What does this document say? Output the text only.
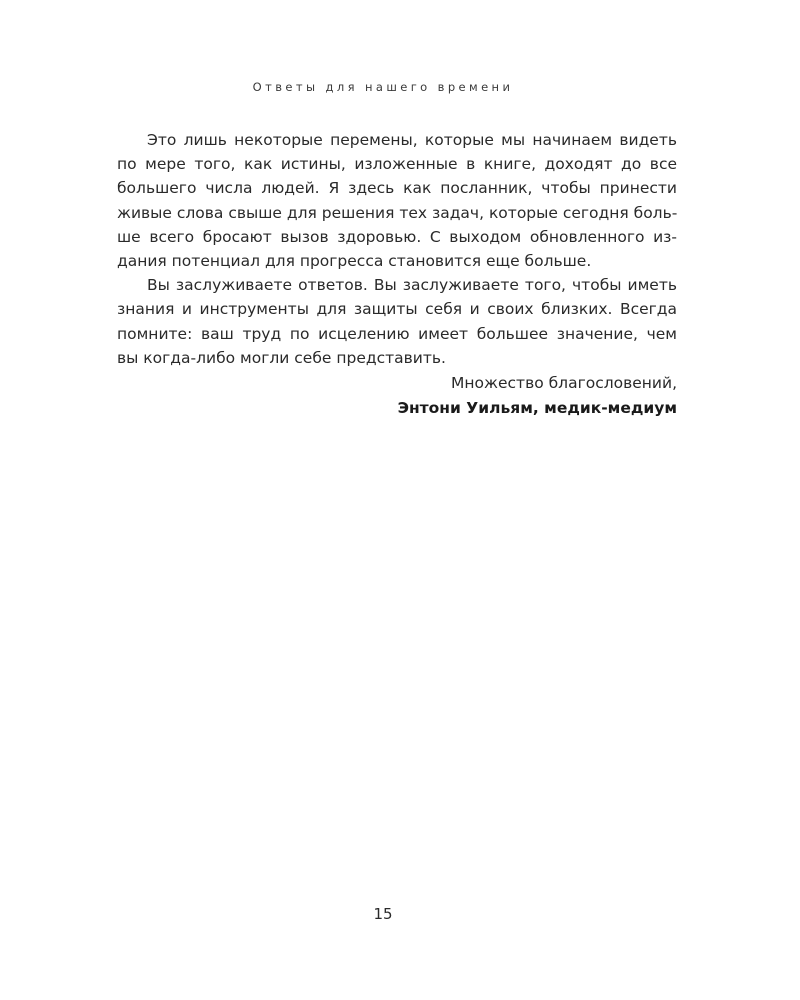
Ответы для нашего времени
Это лишь некоторые перемены, которые мы начинаем видеть
по мере того, как истины, изложенные в книге, доходят до все
большего числа людей. Я здесь как посланник, чтобы принести
живые слова свыше для решения тех задач, которые сегодня боль-
ше всего бросают вызов здоровью. С выходом обновленного из-
дания потенциал для прогресса становится еще больше.
Вы заслуживаете ответов. Вы заслуживаете того, чтобы иметь
знания и инструменты для защиты себя и своих близких. Всегда
помните: ваш труд по исцелению имеет большее значение, чем
вы когда-либо могли себе представить.
Множество благословений,
Энтони Уильям, медик-медиум
15
